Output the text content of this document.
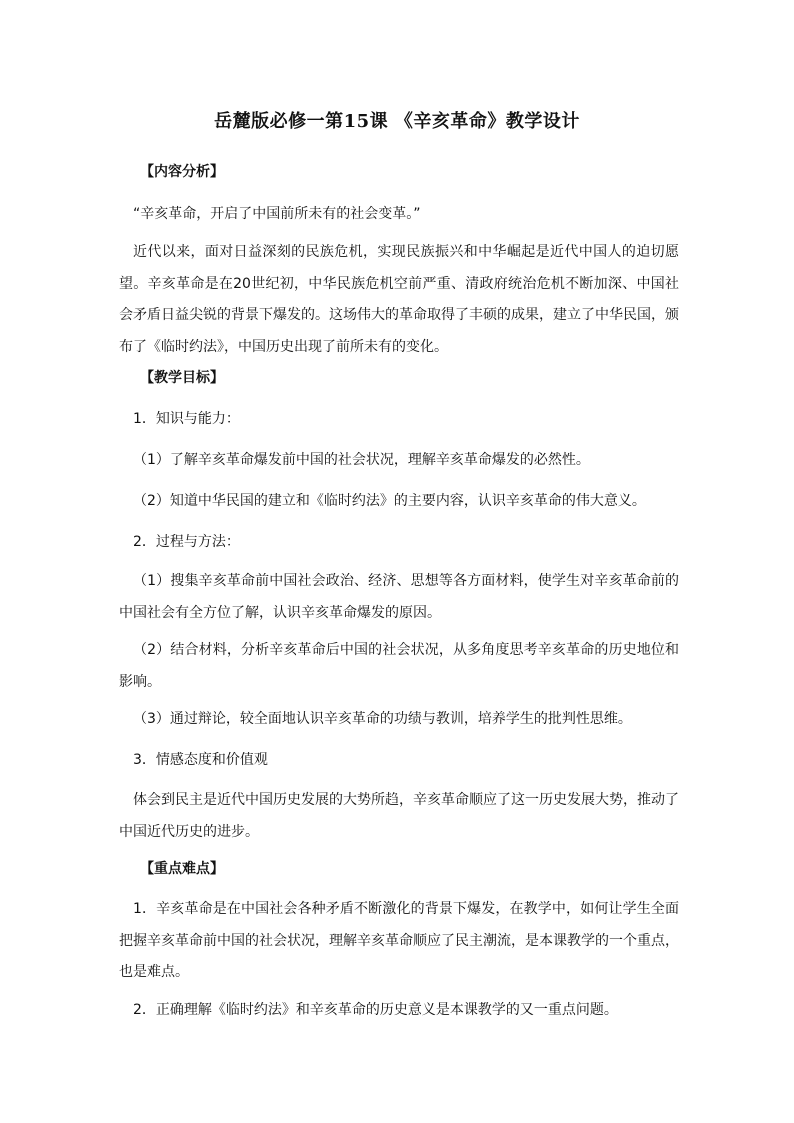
岳麓版必修一第15课 《辛亥革命》教学设计
【内容分析】
“辛亥革命，开启了中国前所未有的社会变革。”

近代以来，面对日益深刻的民族危机，实现民族振兴和中华崛起是近代中国人的迫切愿望。辛亥革命是在20世纪初，中华民族危机空前严重、清政府统治危机不断加深、中国社会矛盾日益尖锐的背景下爆发的。这场伟大的革命取得了丰硕的成果，建立了中华民国，颁布了《临时约法》，中国历史出现了前所未有的变化。

【教学目标】
1．知识与能力：
（1）了解辛亥革命爆发前中国的社会状况，理解辛亥革命爆发的必然性。
（2）知道中华民国的建立和《临时约法》的主要内容，认识辛亥革命的伟大意义。
2．过程与方法：

（1）搜集辛亥革命前中国社会政治、经济、思想等各方面材料，使学生对辛亥革命前的中国社会有全方位了解，认识辛亥革命爆发的原因。

（2）结合材料，分析辛亥革命后中国的社会状况，从多角度思考辛亥革命的历史地位和影响。

（3）通过辩论，较全面地认识辛亥革命的功绩与教训，培养学生的批判性思维。
3．情感态度和价值观

体会到民主是近代中国历史发展的大势所趋，辛亥革命顺应了这一历史发展大势，推动了中国近代历史的进步。

【重点难点】

1．辛亥革命是在中国社会各种矛盾不断激化的背景下爆发，在教学中，如何让学生全面把握辛亥革命前中国的社会状况，理解辛亥革命顺应了民主潮流，是本课教学的一个重点，也是难点。

2．正确理解《临时约法》和辛亥革命的历史意义是本课教学的又一重点问题。
